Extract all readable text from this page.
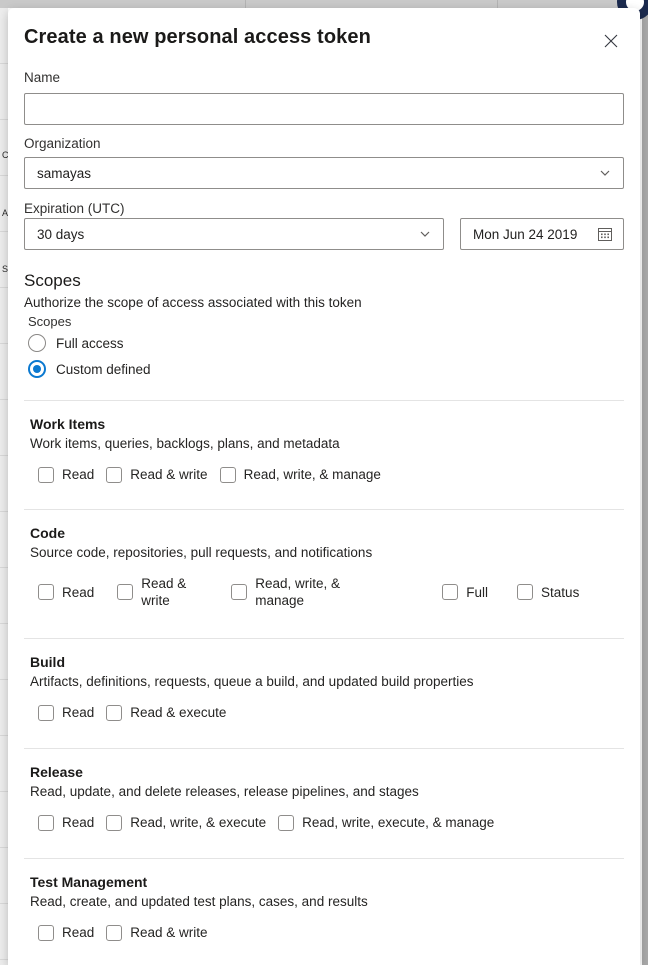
C
A
S
Create a new personal access token
Name
Organization
samayas
Expiration (UTC)
30 days	Mon Jun 24 2019
Scopes
Authorize the scope of access associated with this token
Scopes
Full access
Custom defined
Work Items
Work items, queries, backlogs, plans, and metadata
Read	Read & write	Read, write, & manage
Code
Source code, repositories, pull requests, and notifications
Read
Read & write
Read, write, & manage
Full	Status
Build
Artifacts, definitions, requests, queue a build, and updated build properties
Read	Read & execute
Release
Read, update, and delete releases, release pipelines, and stages
Read	Read, write, & execute	Read, write, execute, & manage
Test Management
Read, create, and updated test plans, cases, and results
Read	Read & write
